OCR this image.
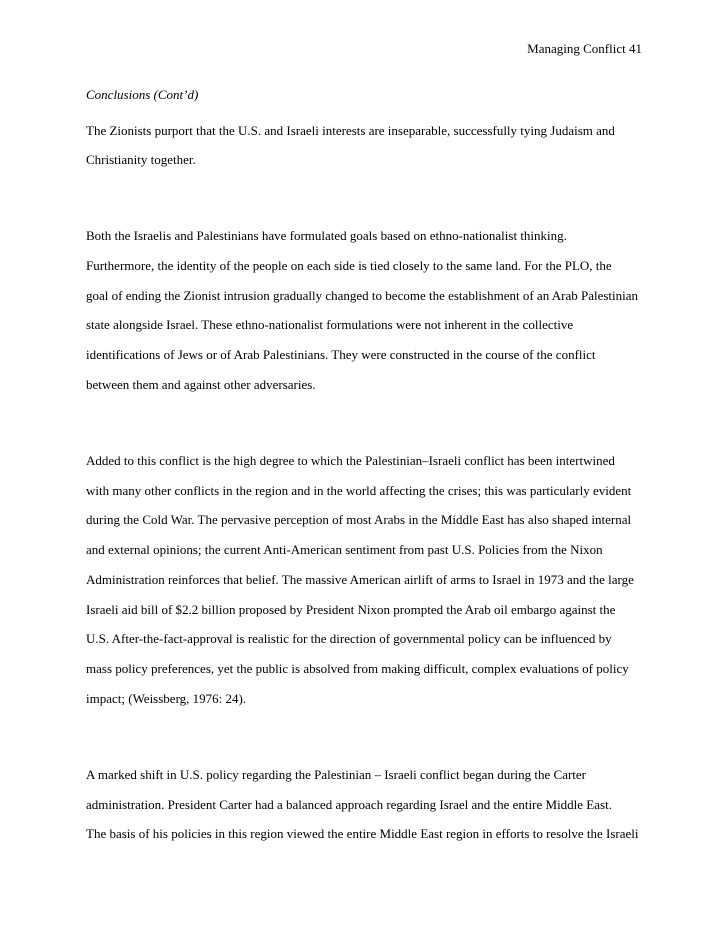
Managing Conflict 41
Conclusions (Cont’d)
The Zionists purport that the U.S. and Israeli interests are inseparable, successfully tying Judaism and
Christianity together.
Both the Israelis and Palestinians have formulated goals based on ethno-nationalist thinking.
Furthermore, the identity of the people on each side is tied closely to the same land. For the PLO, the
goal of ending the Zionist intrusion gradually changed to become the establishment of an Arab Palestinian
state alongside Israel. These ethno-nationalist formulations were not inherent in the collective
identifications of Jews or of Arab Palestinians. They were constructed in the course of the conflict
between them and against other adversaries.
Added to this conflict is the high degree to which the Palestinian–Israeli conflict has been intertwined
with many other conflicts in the region and in the world affecting the crises; this was particularly evident
during the Cold War. The pervasive perception of most Arabs in the Middle East has also shaped internal
and external opinions; the current Anti-American sentiment from past U.S. Policies from the Nixon
Administration reinforces that belief. The massive American airlift of arms to Israel in 1973 and the large
Israeli aid bill of $2.2 billion proposed by President Nixon prompted the Arab oil embargo against the
U.S. After-the-fact-approval is realistic for the direction of governmental policy can be influenced by
mass policy preferences, yet the public is absolved from making difficult, complex evaluations of policy
impact; (Weissberg, 1976: 24).
A marked shift in U.S. policy regarding the Palestinian – Israeli conflict began during the Carter
administration. President Carter had a balanced approach regarding Israel and the entire Middle East.
The basis of his policies in this region viewed the entire Middle East region in efforts to resolve the Israeli
